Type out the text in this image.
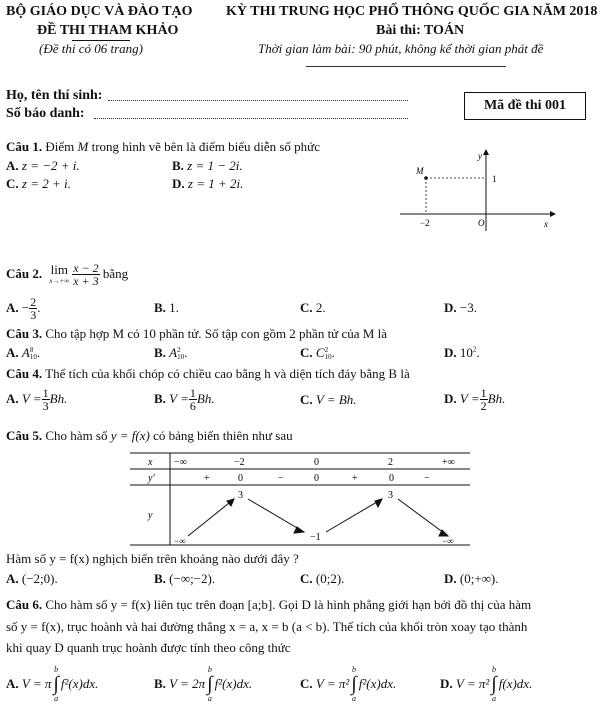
BỘ GIÁO DỤC VÀ ĐÀO TẠO KỲ THI TRUNG HỌC PHỔ THÔNG QUỐC GIA NĂM 2018
ĐỀ THI THAM KHẢO	Bài thi: TOÁN
(Đề thi có 06 trang)	Thời gian làm bài: 90 phút, không kể thời gian phát đề
Họ, tên thí sinh:
Số báo danh:
Mã đề thi 001
Câu 1. Điểm M trong hình vẽ bên là điểm biểu diễn số phức
A. z = −2 + i.	B. z = 1 − 2i.
C. z = 2 + i.	D. z = 1 + 2i.
y
x
M
1
−2	O
Câu 2.
lim
$x\to+\infty \frac{x - 2}{x + 3}$
bằng
A.
− $\frac{2}{3}$ .	B. 1.	C. 2.	D. −3.
Câu 3. Cho tập hợp M có 10 phần tử. Số tập con gồm 2 phần tử của M là
A. A 8
10 .	B. A 2
10 .	C. C 2
10 .	D. $10^2$.
Câu 4. Thể tích của khối chóp có chiều cao bằng h và diện tích đáy bằng B là
A.
$V = \frac{1}{3} Bh$.	B.
$V = \frac{1}{6} Bh$.	C. V = Bh.	D.
$V = \frac{1}{2} Bh$.
Câu 5. Cho hàm số y = f(x) có bảng biến thiên như sau
x
y′
y
−∞	−2	0	2	+∞
+	0	−	0	+	0	−
−∞
3
−1
3
−∞
Hàm số y = f(x) nghịch biến trên khoảng nào dưới đây ?
A. (−2;0).	B. (−∞;−2).	C. (0;2).	D. (0;+∞).
Câu 6. Cho hàm số y = f(x) liên tục trên đoạn [a;b]. Gọi D là hình phẳng giới hạn bởi đồ thị của hàm
số y = f(x), trục hoành và hai đường thẳng x = a, x = b (a < b). Thể tích của khối tròn xoay tạo thành
khi quay D quanh trục hoành được tính theo công thức
A.
V = π
b
∫
a
f²(x)dx.	B.
V = 2π
b
∫
a
f²(x)dx.	C.
V = π²
b
∫
a
f²(x)dx.	D.
V = π²
b
∫
a
f(x)dx.
